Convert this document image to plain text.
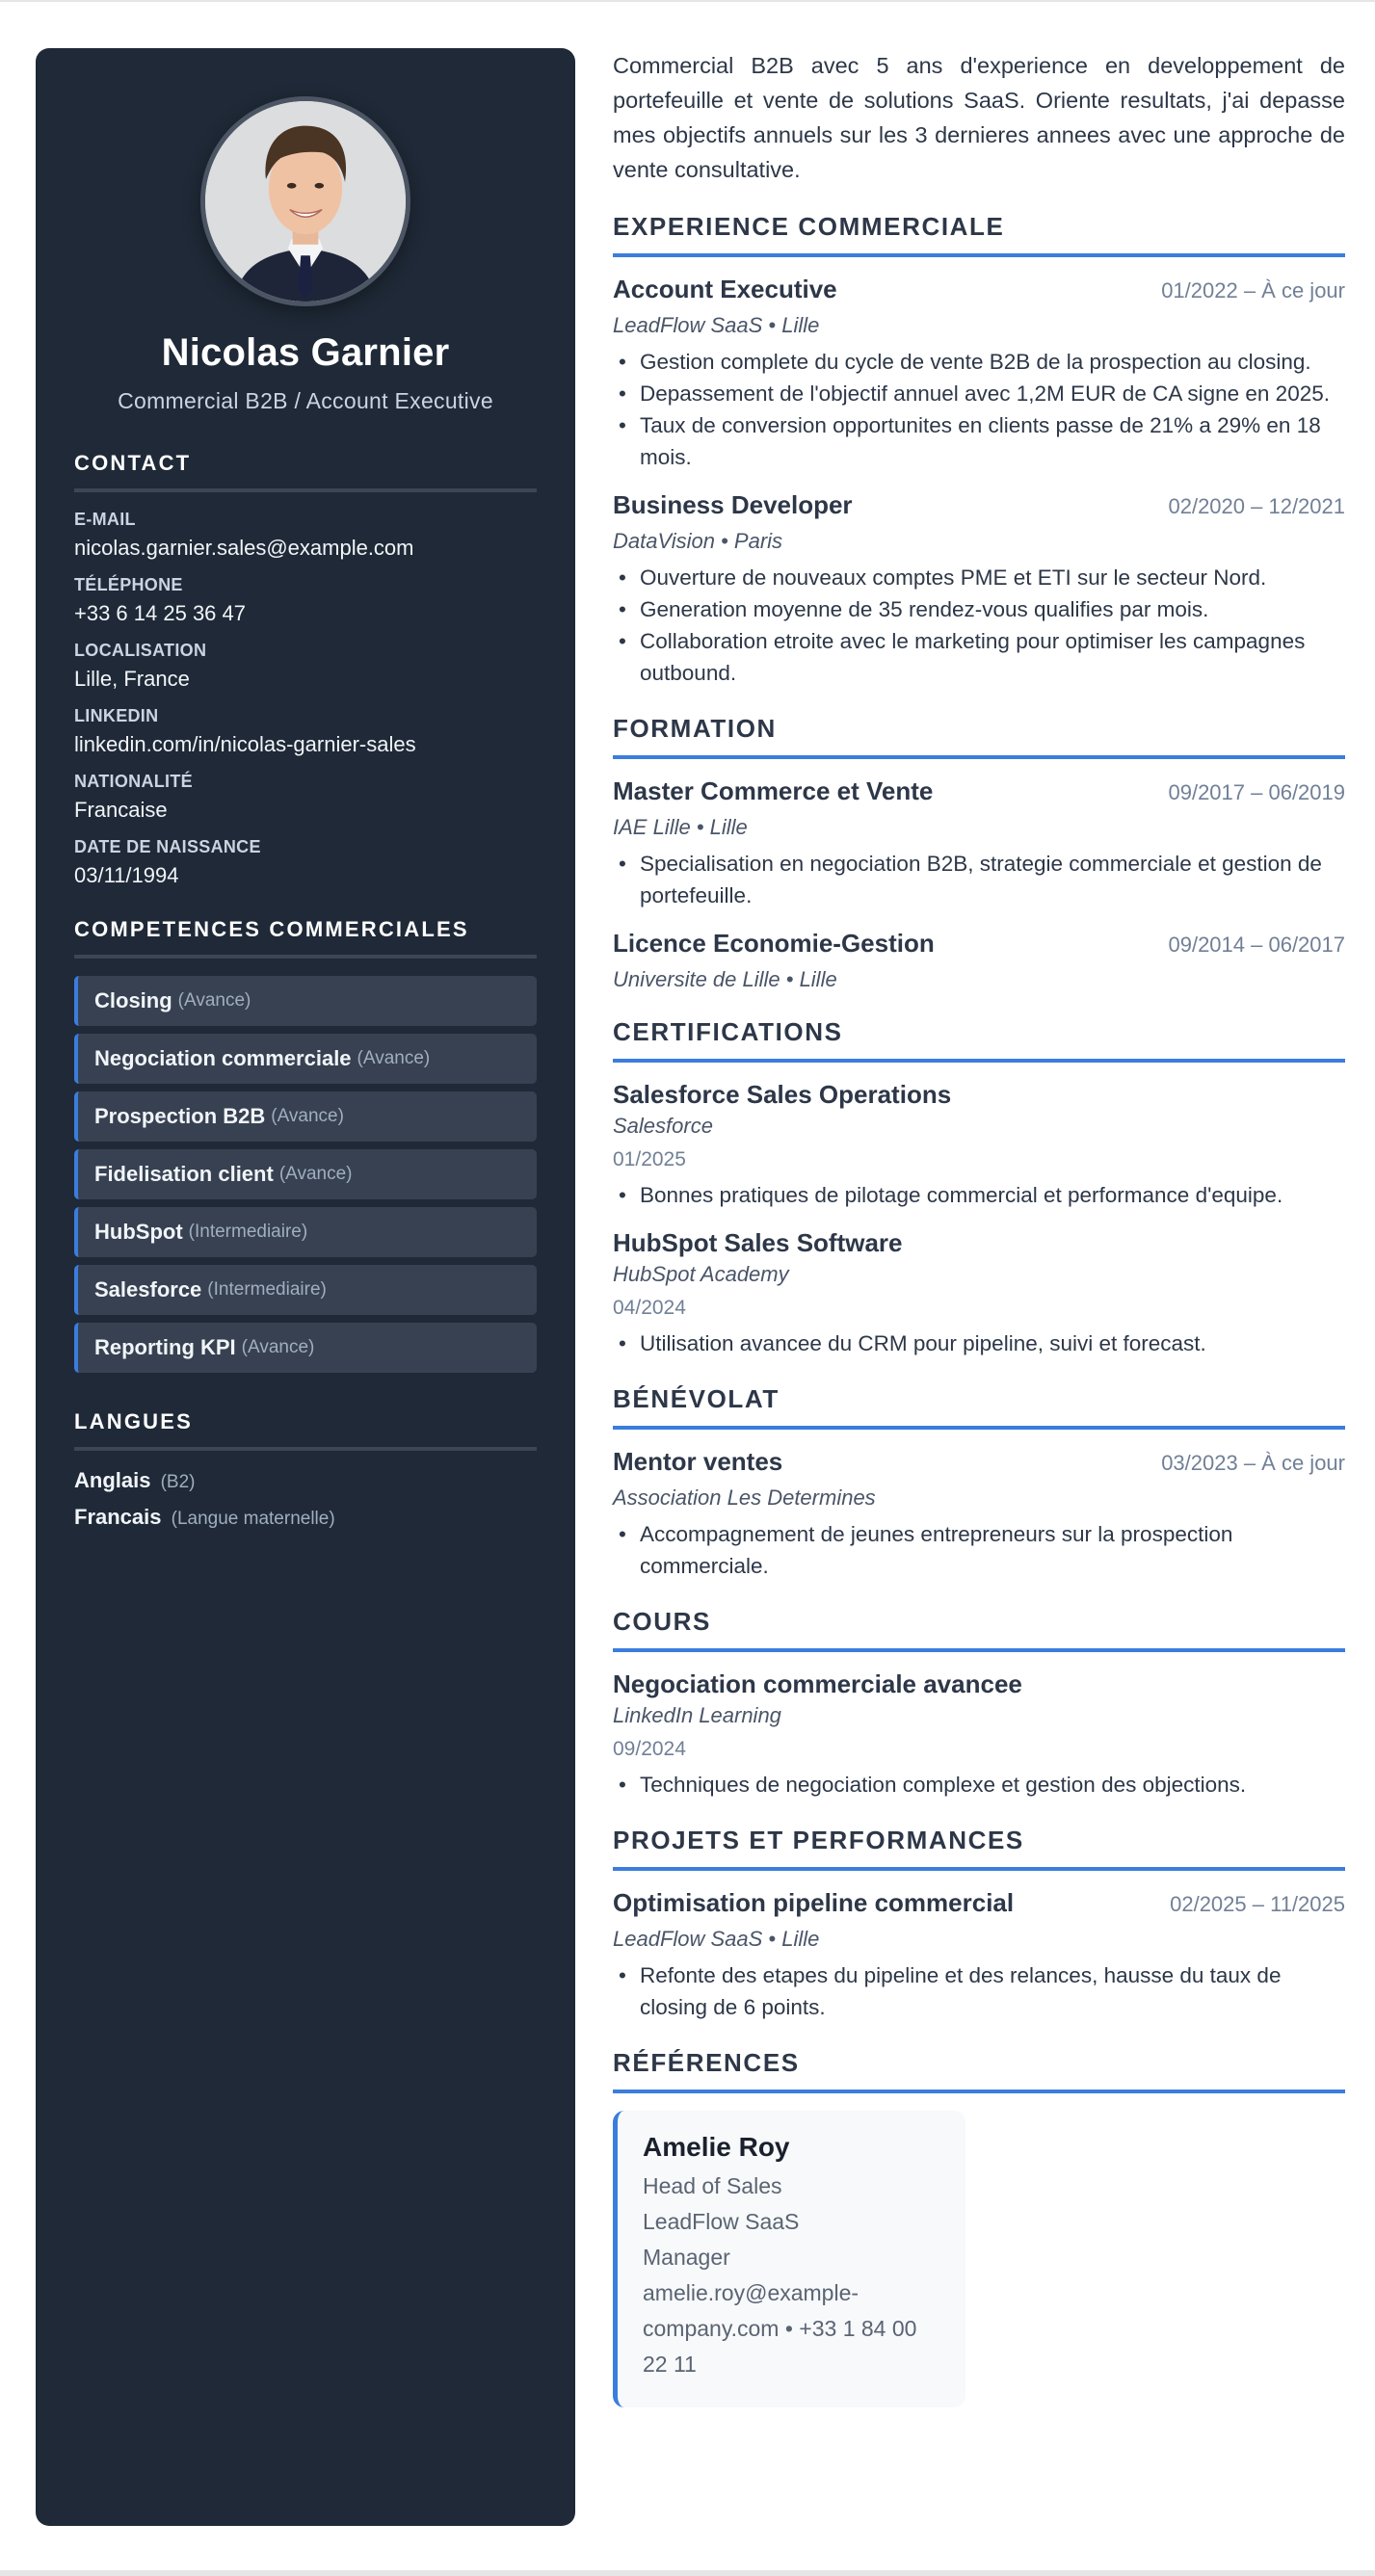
Nicolas Garnier
Commercial B2B / Account Executive
CONTACT
E-MAIL
nicolas.garnier.sales@example.com
TÉLÉPHONE
+33 6 14 25 36 47
LOCALISATION
Lille, France
LINKEDIN
linkedin.com/in/nicolas-garnier-sales
NATIONALITÉ
Francaise
DATE DE NAISSANCE
03/11/1994
COMPETENCES COMMERCIALES
Closing (Avance)
Negociation commerciale (Avance)
Prospection B2B (Avance)
Fidelisation client (Avance)
HubSpot (Intermediaire)
Salesforce (Intermediaire)
Reporting KPI (Avance)
LANGUES
Anglais (B2)
Francais (Langue maternelle)

Commercial B2B avec 5 ans d'experience en developpement de portefeuille et vente de solutions SaaS. Oriente resultats, j'ai depasse mes objectifs annuels sur les 3 dernieres annees avec une approche de vente consultative.

EXPERIENCE COMMERCIALE
Account Executive	01/2022 – À ce jour
LeadFlow SaaS • Lille
• Gestion complete du cycle de vente B2B de la prospection au closing.
• Depassement de l'objectif annuel avec 1,2M EUR de CA signe en 2025.
• Taux de conversion opportunites en clients passe de 21% a 29% en 18 mois.
Business Developer	02/2020 – 12/2021
DataVision • Paris
• Ouverture de nouveaux comptes PME et ETI sur le secteur Nord.
• Generation moyenne de 35 rendez-vous qualifies par mois.
• Collaboration etroite avec le marketing pour optimiser les campagnes outbound.
FORMATION
Master Commerce et Vente	09/2017 – 06/2019
IAE Lille • Lille
• Specialisation en negociation B2B, strategie commerciale et gestion de portefeuille.
Licence Economie-Gestion	09/2014 – 06/2017
Universite de Lille • Lille
CERTIFICATIONS
Salesforce Sales Operations
Salesforce
01/2025
• Bonnes pratiques de pilotage commercial et performance d'equipe.
HubSpot Sales Software
HubSpot Academy
04/2024
• Utilisation avancee du CRM pour pipeline, suivi et forecast.
BÉNÉVOLAT
Mentor ventes	03/2023 – À ce jour
Association Les Determines
• Accompagnement de jeunes entrepreneurs sur la prospection commerciale.
COURS
Negociation commerciale avancee
LinkedIn Learning
09/2024
• Techniques de negociation complexe et gestion des objections.
PROJETS ET PERFORMANCES
Optimisation pipeline commercial	02/2025 – 11/2025
LeadFlow SaaS • Lille
• Refonte des etapes du pipeline et des relances, hausse du taux de closing de 6 points.
RÉFÉRENCES
Amelie Roy
Head of Sales
LeadFlow SaaS
Manager
amelie.roy@example-company.com • +33 1 84 00 22 11
